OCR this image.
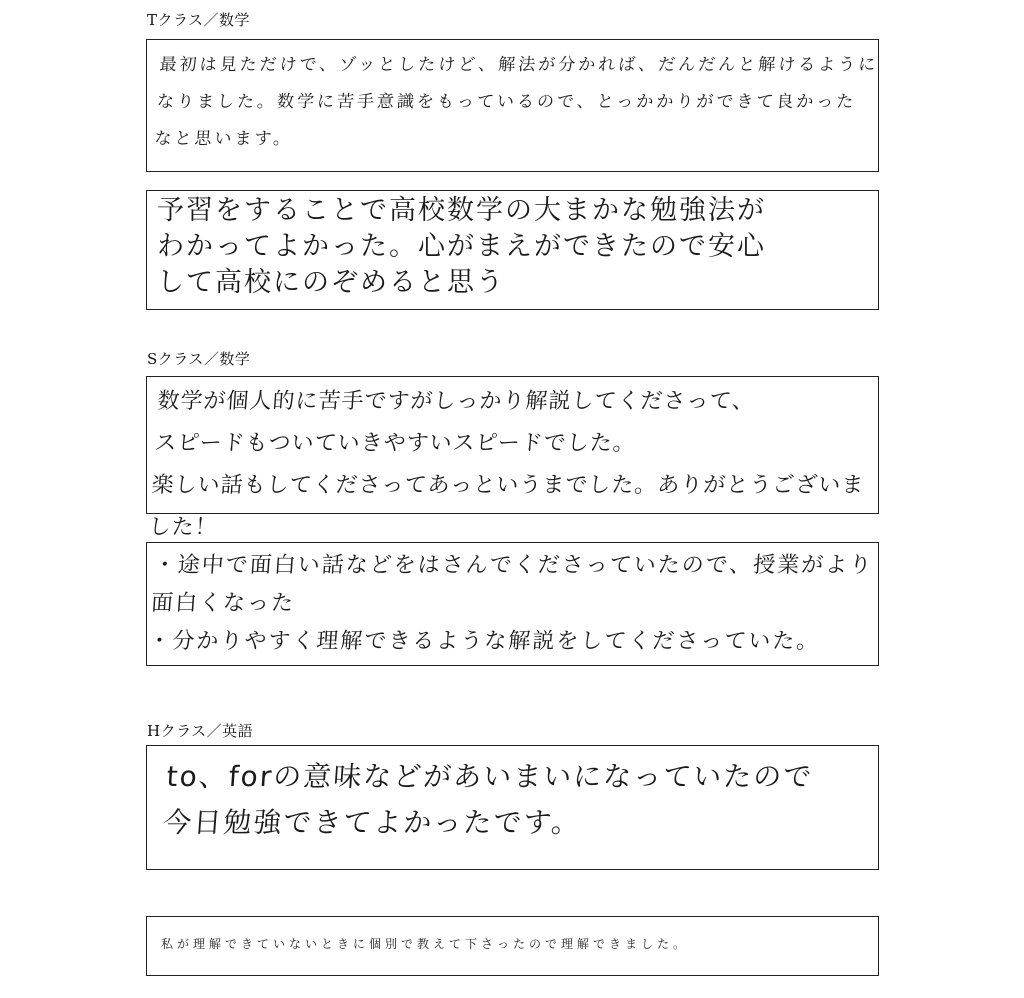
Tクラス／数学

最初は見ただけで、ゾッとしたけど、解法が分かれば、だんだんと解けるように
なりました。数学に苦手意識をもっているので、とっかかりができて良かった
なと思います。

予習をすることで高校数学の大まかな勉強法が
わかってよかった。心がまえができたので安心
して高校にのぞめると思う

Sクラス／数学

数学が個人的に苦手ですがしっかり解説してくださって、
スピードもついていきやすいスピードでした。
楽しい話もしてくださってあっというまでした。ありがとうございました！

・途中で面白い話などをはさんでくださっていたので、授業がより
面白くなった
・分かりやすく理解できるような解説をしてくださっていた。

Hクラス／英語

to、forの意味などがあいまいになっていたので
今日勉強できてよかったです。

私が理解できていないときに個別で教えて下さったので理解できました。
